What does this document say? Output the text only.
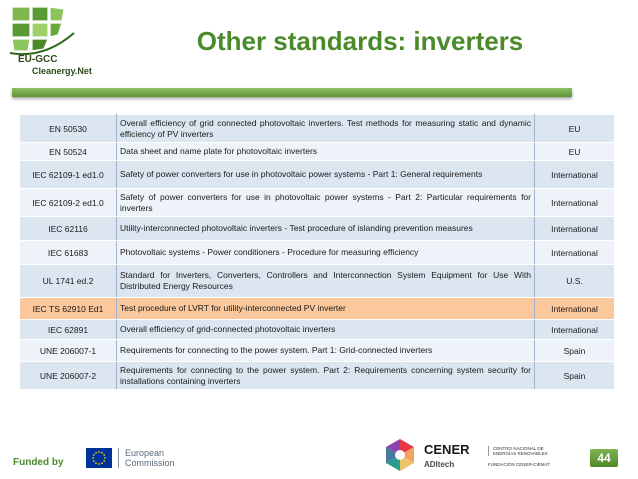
EU-GCC
Cleanergy.Net
Other standards: inverters
EN 50530	Overall efficiency of grid connected photovoltaic inverters. Test methods for measuring static and dynamic efficiency of PV inverters	EU
EN 50524	Data sheet and name plate for photovoltaic inverters	EU
IEC 62109-1 ed1.0	Safety of power converters for use in photovoltaic power systems - Part 1: General requirements	International
IEC 62109-2 ed1.0	Safety of power converters for use in photovoltaic power systems - Part 2: Particular requirements for inverters	International
IEC 62116	Utility-interconnected photovoltaic inverters - Test procedure of islanding prevention measures	International
IEC 61683	Photovoltaic systems - Power conditioners - Procedure for measuring efficiency	International
UL 1741 ed.2	Standard for Inverters, Converters, Controllers and Interconnection System Equipment for Use With Distributed Energy Resources	U.S.
IEC TS 62910 Ed1	Test procedure of LVRT for utility-interconnected PV inverter	International
IEC 62891	Overall efficiency of grid-connected photovoltaic inverters	International
UNE 206007-1	Requirements for connecting to the power system. Part 1: Grid-connected inverters	Spain
UNE 206007-2	Requirements for connecting to the power system. Part 2: Requirements concerning system security for installations containing inverters	Spain
Funded by
European
Commission
CENER
ADItech
CENTRO NACIONAL DE ENERGÍAS RENOVABLES
FUNDACIÓN CENER-CIEMAT	44
